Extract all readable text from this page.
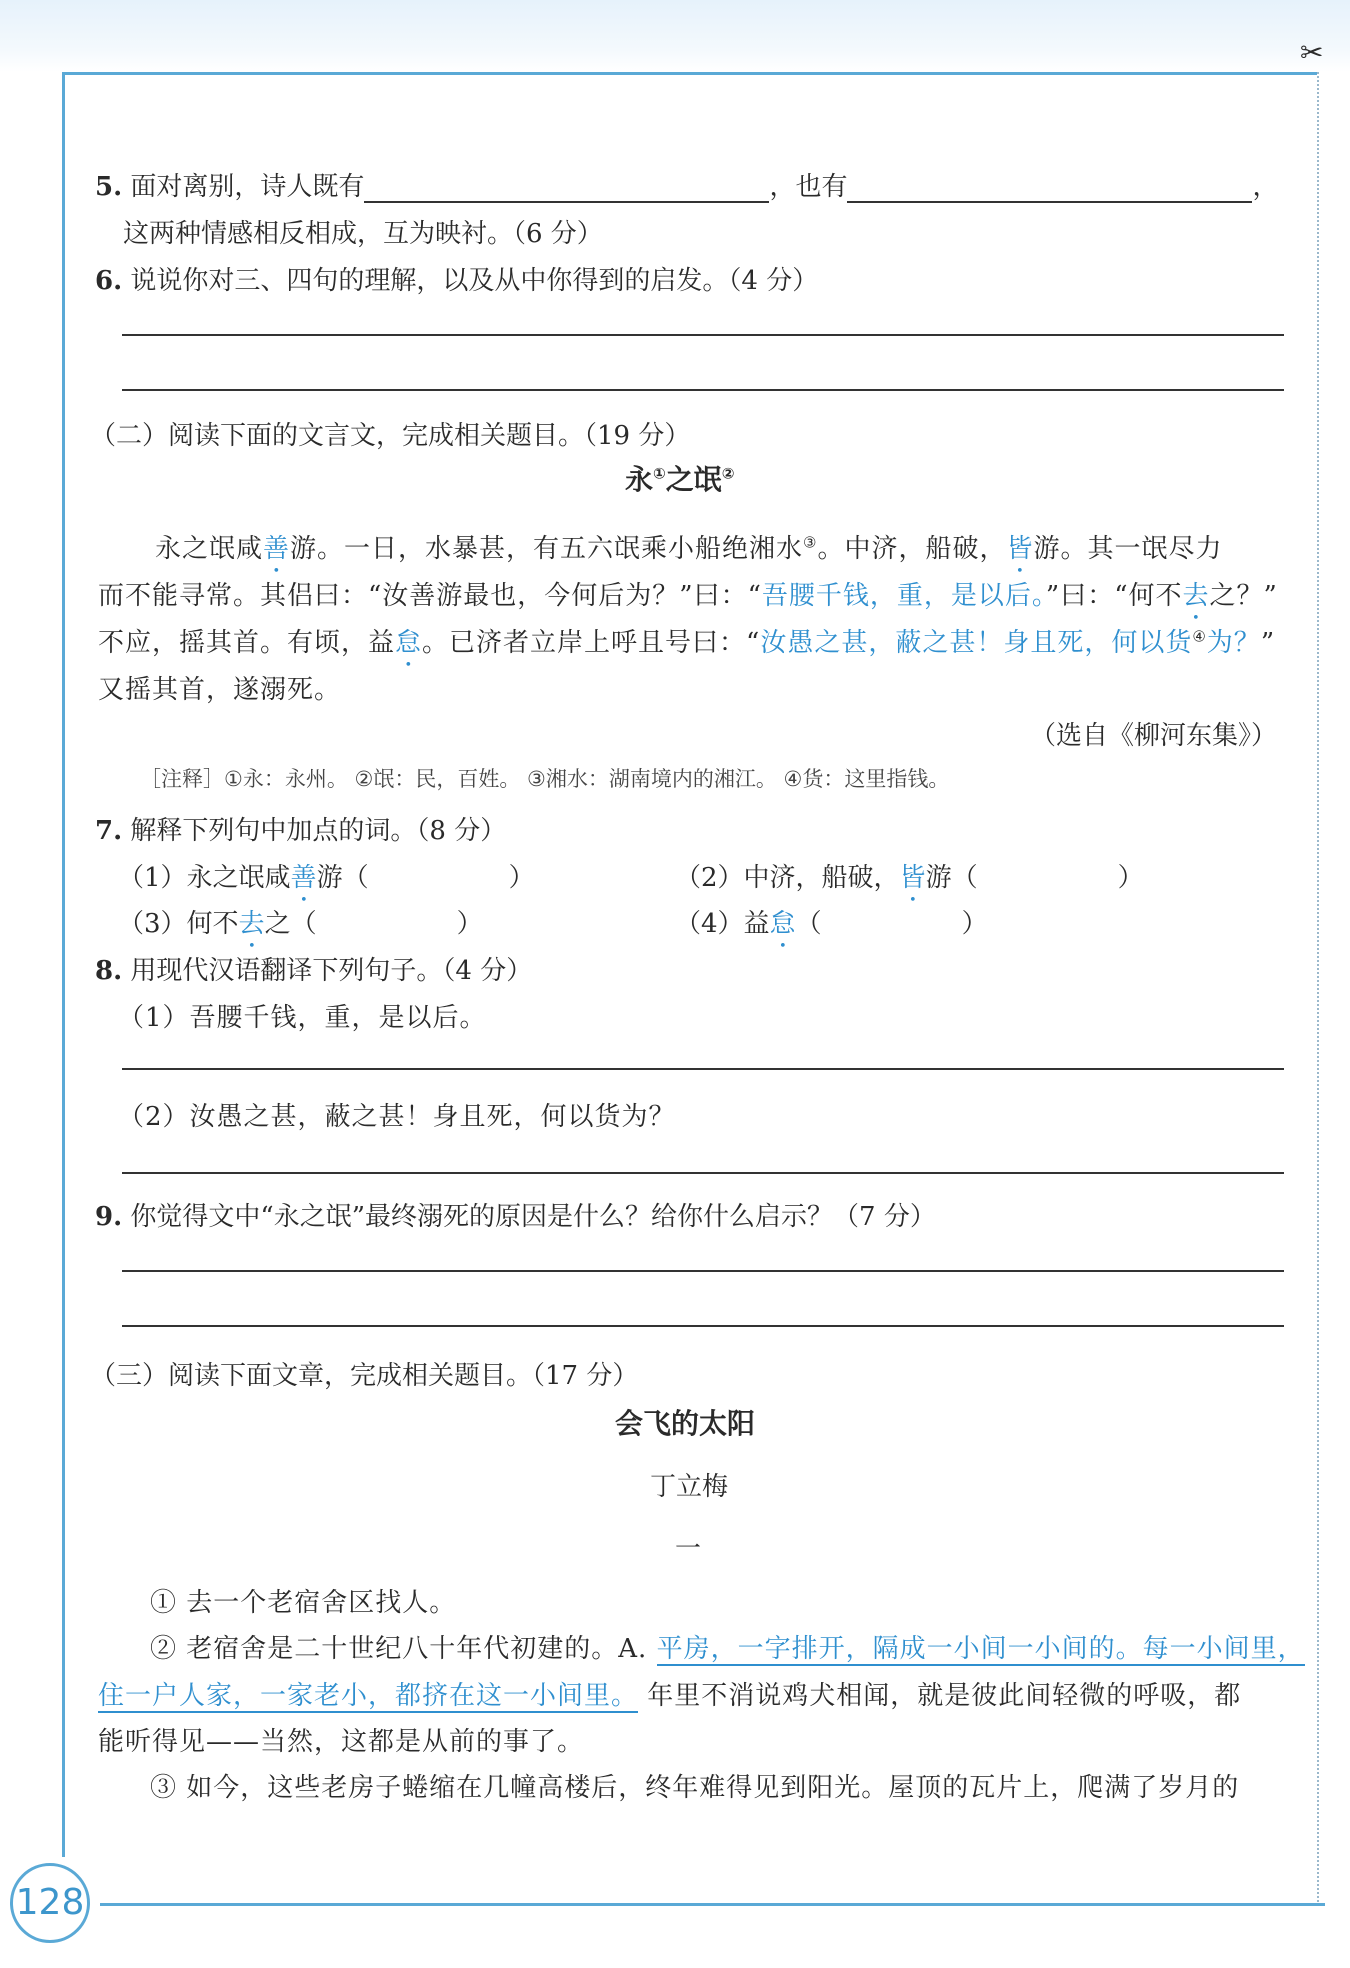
✂
5. 面对离别，诗人既有	，也有	，
这两种情感相反相成，互为映衬。（6 分）
6. 说说你对三、四句的理解，以及从中你得到的启发。（4 分）
（二）阅读下面的文言文，完成相关题目。（19 分）
永①之氓②
永之氓咸善游。一日，水暴甚，有五六氓乘小船绝湘水③。中济，船破，皆游。其一氓尽力
而不能寻常。其侣曰：“汝善游最也，今何后为？”曰：“吾腰千钱，重，是以后。”曰：“何不去之？”
不应，摇其首。有顷，益怠。已济者立岸上呼且号曰：“汝愚之甚，蔽之甚！身且死，何以货④为？”
又摇其首，遂溺死。
（选自《柳河东集》）
［注释］①永：永州。 ②氓：民，百姓。 ③湘水：湖南境内的湘江。 ④货：这里指钱。
7. 解释下列句中加点的词。（8 分）
（1）永之氓咸善游（	）	（2）中济，船破，皆游（	）
（3）何不去之（	）	（4）益怠（	）
8. 用现代汉语翻译下列句子。（4 分）
（1）吾腰千钱，重，是以后。
（2）汝愚之甚，蔽之甚！身且死，何以货为？
9. 你觉得文中“永之氓”最终溺死的原因是什么？给你什么启示？（7 分）
（三）阅读下面文章，完成相关题目。（17 分）
会飞的太阳
丁立梅
一
① 去一个老宿舍区找人。
② 老宿舍是二十世纪八十年代初建的。A. 平房，一字排开，隔成一小间一小间的。每一小间里，
住一户人家，一家老小，都挤在这一小间里。 年里不消说鸡犬相闻，就是彼此间轻微的呼吸，都
能听得见——当然，这都是从前的事了。
③ 如今，这些老房子蜷缩在几幢高楼后，终年难得见到阳光。屋顶的瓦片上，爬满了岁月的
128
